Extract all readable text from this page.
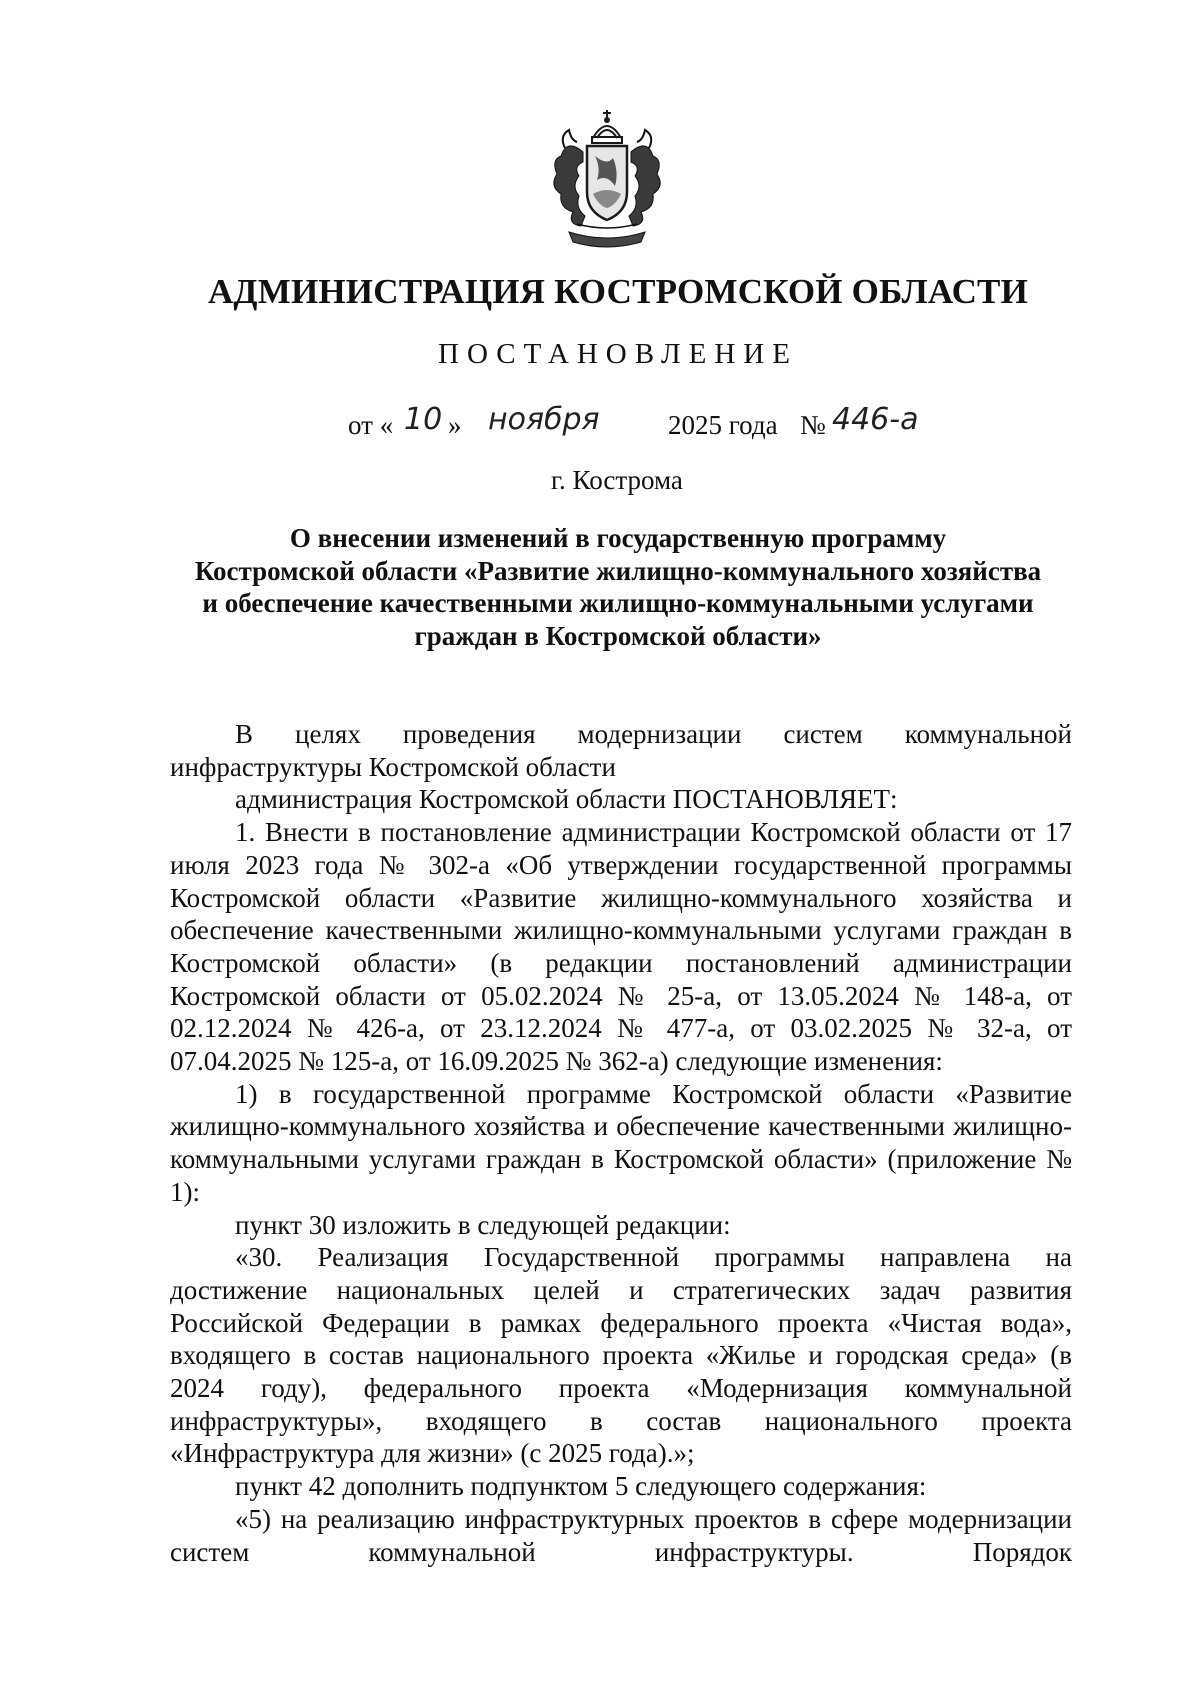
АДМИНИСТРАЦИЯ КОСТРОМСКОЙ ОБЛАСТИ
ПОСТАНОВЛЕНИЕ
от « 10 » ноября	2025 года № 446-а
г. Кострома
О внесении изменений в государственную программу
Костромской области «Развитие жилищно-коммунального хозяйства
и обеспечение качественными жилищно-коммунальными услугами
граждан в Костромской области»

В целях проведения модернизации систем коммунальной инфраструктуры Костромской области

администрация Костромской области ПОСТАНОВЛЯЕТ:

1. Внести в постановление администрации Костромской области от 17 июля 2023 года № 302-а «Об утверждении государственной программы Костромской области «Развитие жилищно-коммунального хозяйства и обеспечение качественными жилищно-коммунальными услугами граждан в Костромской области» (в редакции постановлений администрации Костромской области от 05.02.2024 № 25-а, от 13.05.2024 № 148-а, от 02.12.2024 № 426-а, от 23.12.2024 № 477-а, от 03.02.2025 № 32-а, от 07.04.2025 № 125-а, от 16.09.2025 № 362-а) следующие изменения:

1) в государственной программе Костромской области «Развитие жилищно-коммунального хозяйства и обеспечение качественными жилищно-коммунальными услугами граждан в Костромской области» (приложение № 1):

пункт 30 изложить в следующей редакции:

«30. Реализация Государственной программы направлена на достижение национальных целей и стратегических задач развития Российской Федерации в рамках федерального проекта «Чистая вода», входящего в состав национального проекта «Жилье и городская среда» (в 2024 году), федерального проекта «Модернизация коммунальной инфраструктуры», входящего в состав национального проекта «Инфраструктура для жизни» (с 2025 года).»;

пункт 42 дополнить подпунктом 5 следующего содержания:

«5) на реализацию инфраструктурных проектов в сфере модернизации систем коммунальной инфраструктуры. Порядок
